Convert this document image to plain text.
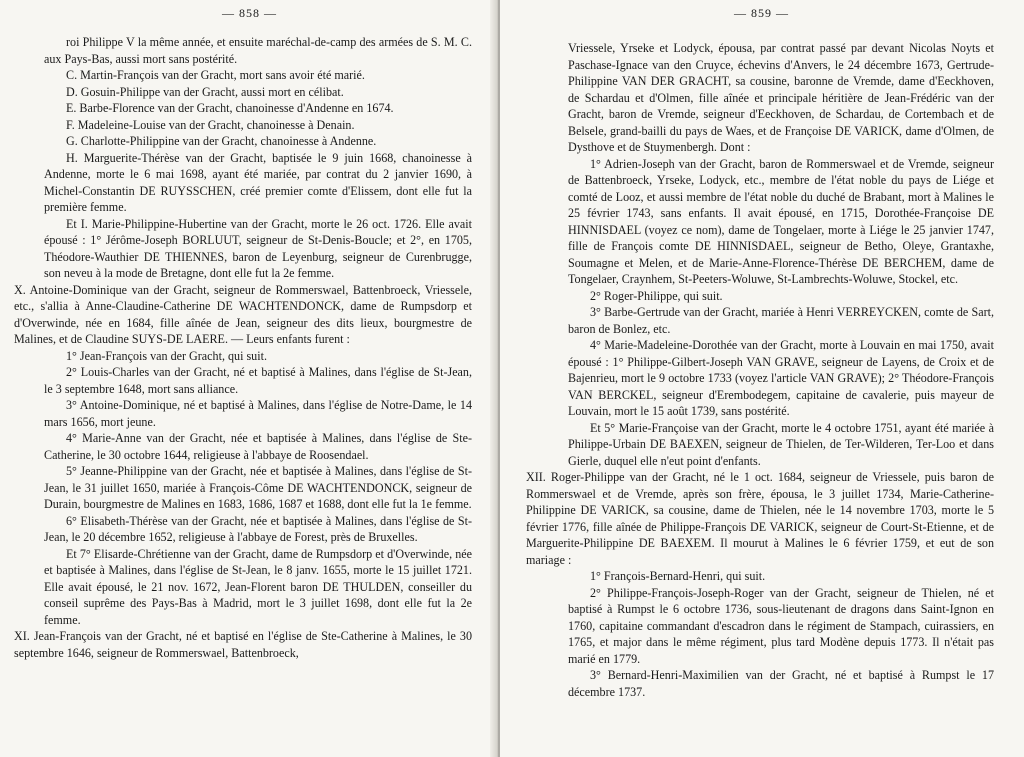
— 858 —

roi Philippe V la même année, et ensuite maréchal-de-camp des armées de S. M. C. aux Pays-Bas, aussi mort sans postérité.

C. Martin-François van der Gracht, mort sans avoir été marié.

D. Gosuin-Philippe van der Gracht, aussi mort en célibat.

E. Barbe-Florence van der Gracht, chanoinesse d'Andenne en 1674.

F. Madeleine-Louise van der Gracht, chanoinesse à Denain.

G. Charlotte-Philippine van der Gracht, chanoinesse à Andenne.

H. Marguerite-Thérèse van der Gracht, baptisée le 9 juin 1668, chanoinesse à Andenne, morte le 6 mai 1698, ayant été mariée, par contrat du 2 janvier 1690, à Michel-Constantin DE RUYSSCHEN, créé premier comte d'Elissem, dont elle fut la première femme.

Et I. Marie-Philippine-Hubertine van der Gracht, morte le 26 oct. 1726. Elle avait épousé : 1° Jérôme-Joseph BORLUUT, seigneur de St-Denis-Boucle; et 2°, en 1705, Théodore-Wauthier DE THIENNES, baron de Leyenburg, seigneur de Curenbrugge, son neveu à la mode de Bretagne, dont elle fut la 2e femme.

X. Antoine-Dominique van der Gracht, seigneur de Rommerswael, Battenbroeck, Vriessele, etc., s'allia à Anne-Claudine-Catherine DE WACHTENDONCK, dame de Rumpsdorp et d'Overwinde, née en 1684, fille aînée de Jean, seigneur des dits lieux, bourgmestre de Malines, et de Claudine SUYS-DE LAERE. — Leurs enfants furent :

1° Jean-François van der Gracht, qui suit.

2° Louis-Charles van der Gracht, né et baptisé à Malines, dans l'église de St-Jean, le 3 septembre 1648, mort sans alliance.

3° Antoine-Dominique, né et baptisé à Malines, dans l'église de Notre-Dame, le 14 mars 1656, mort jeune.

4° Marie-Anne van der Gracht, née et baptisée à Malines, dans l'église de Ste-Catherine, le 30 octobre 1644, religieuse à l'abbaye de Roosendael.

5° Jeanne-Philippine van der Gracht, née et baptisée à Malines, dans l'église de St-Jean, le 31 juillet 1650, mariée à François-Côme DE WACHTENDONCK, seigneur de Durain, bourgmestre de Malines en 1683, 1686, 1687 et 1688, dont elle fut la 1e femme.

6° Elisabeth-Thérèse van der Gracht, née et baptisée à Malines, dans l'église de St-Jean, le 20 décembre 1652, religieuse à l'abbaye de Forest, près de Bruxelles.

Et 7° Elisarde-Chrétienne van der Gracht, dame de Rumpsdorp et d'Overwinde, née et baptisée à Malines, dans l'église de St-Jean, le 8 janv. 1655, morte le 15 juillet 1721. Elle avait épousé, le 21 nov. 1672, Jean-Florent baron DE THULDEN, conseiller du conseil suprême des Pays-Bas à Madrid, mort le 3 juillet 1698, dont elle fut la 2e femme.

XI. Jean-François van der Gracht, né et baptisé en l'église de Ste-Catherine à Malines, le 30 septembre 1646, seigneur de Rommerswael, Battenbroeck,

— 859 —

Vriessele, Yrseke et Lodyck, épousa, par contrat passé par devant Nicolas Noyts et Paschase-Ignace van den Cruyce, échevins d'Anvers, le 24 décembre 1673, Gertrude-Philippine VAN DER GRACHT, sa cousine, baronne de Vremde, dame d'Eeckhoven, de Schardau et d'Olmen, fille aînée et principale héritière de Jean-Frédéric van der Gracht, baron de Vremde, seigneur d'Eeckhoven, de Schardau, de Cortembach et de Belsele, grand-bailli du pays de Waes, et de Françoise DE VARICK, dame d'Olmen, de Dysthove et de Stuymenbergh. Dont :

1° Adrien-Joseph van der Gracht, baron de Rommerswael et de Vremde, seigneur de Battenbroeck, Yrseke, Lodyck, etc., membre de l'état noble du pays de Liége et comté de Looz, et aussi membre de l'état noble du duché de Brabant, mort à Malines le 25 février 1743, sans enfants. Il avait épousé, en 1715, Dorothée-Françoise DE HINNISDAEL (voyez ce nom), dame de Tongelaer, morte à Liége le 25 janvier 1747, fille de François comte DE HINNISDAEL, seigneur de Betho, Oleye, Grantaxhe, Soumagne et Melen, et de Marie-Anne-Florence-Thérèse DE BERCHEM, dame de Tongelaer, Craynhem, St-Peeters-Woluwe, St-Lambrechts-Woluwe, Stockel, etc.

2° Roger-Philippe, qui suit.

3° Barbe-Gertrude van der Gracht, mariée à Henri VERREYCKEN, comte de Sart, baron de Bonlez, etc.

4° Marie-Madeleine-Dorothée van der Gracht, morte à Louvain en mai 1750, avait épousé : 1° Philippe-Gilbert-Joseph VAN GRAVE, seigneur de Layens, de Croix et de Bajenrieu, mort le 9 octobre 1733 (voyez l'article VAN GRAVE); 2° Théodore-François VAN BERCKEL, seigneur d'Erembodegem, capitaine de cavalerie, puis mayeur de Louvain, mort le 15 août 1739, sans postérité.

Et 5° Marie-Françoise van der Gracht, morte le 4 octobre 1751, ayant été mariée à Philippe-Urbain DE BAEXEN, seigneur de Thielen, de Ter-Wilderen, Ter-Loo et dans Gierle, duquel elle n'eut point d'enfants.

XII. Roger-Philippe van der Gracht, né le 1 oct. 1684, seigneur de Vriessele, puis baron de Rommerswael et de Vremde, après son frère, épousa, le 3 juillet 1734, Marie-Catherine-Philippine DE VARICK, sa cousine, dame de Thielen, née le 14 novembre 1703, morte le 5 février 1776, fille aînée de Philippe-François DE VARICK, seigneur de Court-St-Etienne, et de Marguerite-Philippine DE BAEXEM. Il mourut à Malines le 6 février 1759, et eut de son mariage :

1° François-Bernard-Henri, qui suit.

2° Philippe-François-Joseph-Roger van der Gracht, seigneur de Thielen, né et baptisé à Rumpst le 6 octobre 1736, sous-lieutenant de dragons dans Saint-Ignon en 1760, capitaine commandant d'escadron dans le régiment de Stampach, cuirassiers, en 1765, et major dans le même régiment, plus tard Modène depuis 1773. Il n'était pas marié en 1779.

3° Bernard-Henri-Maximilien van der Gracht, né et baptisé à Rumpst le 17 décembre 1737.
